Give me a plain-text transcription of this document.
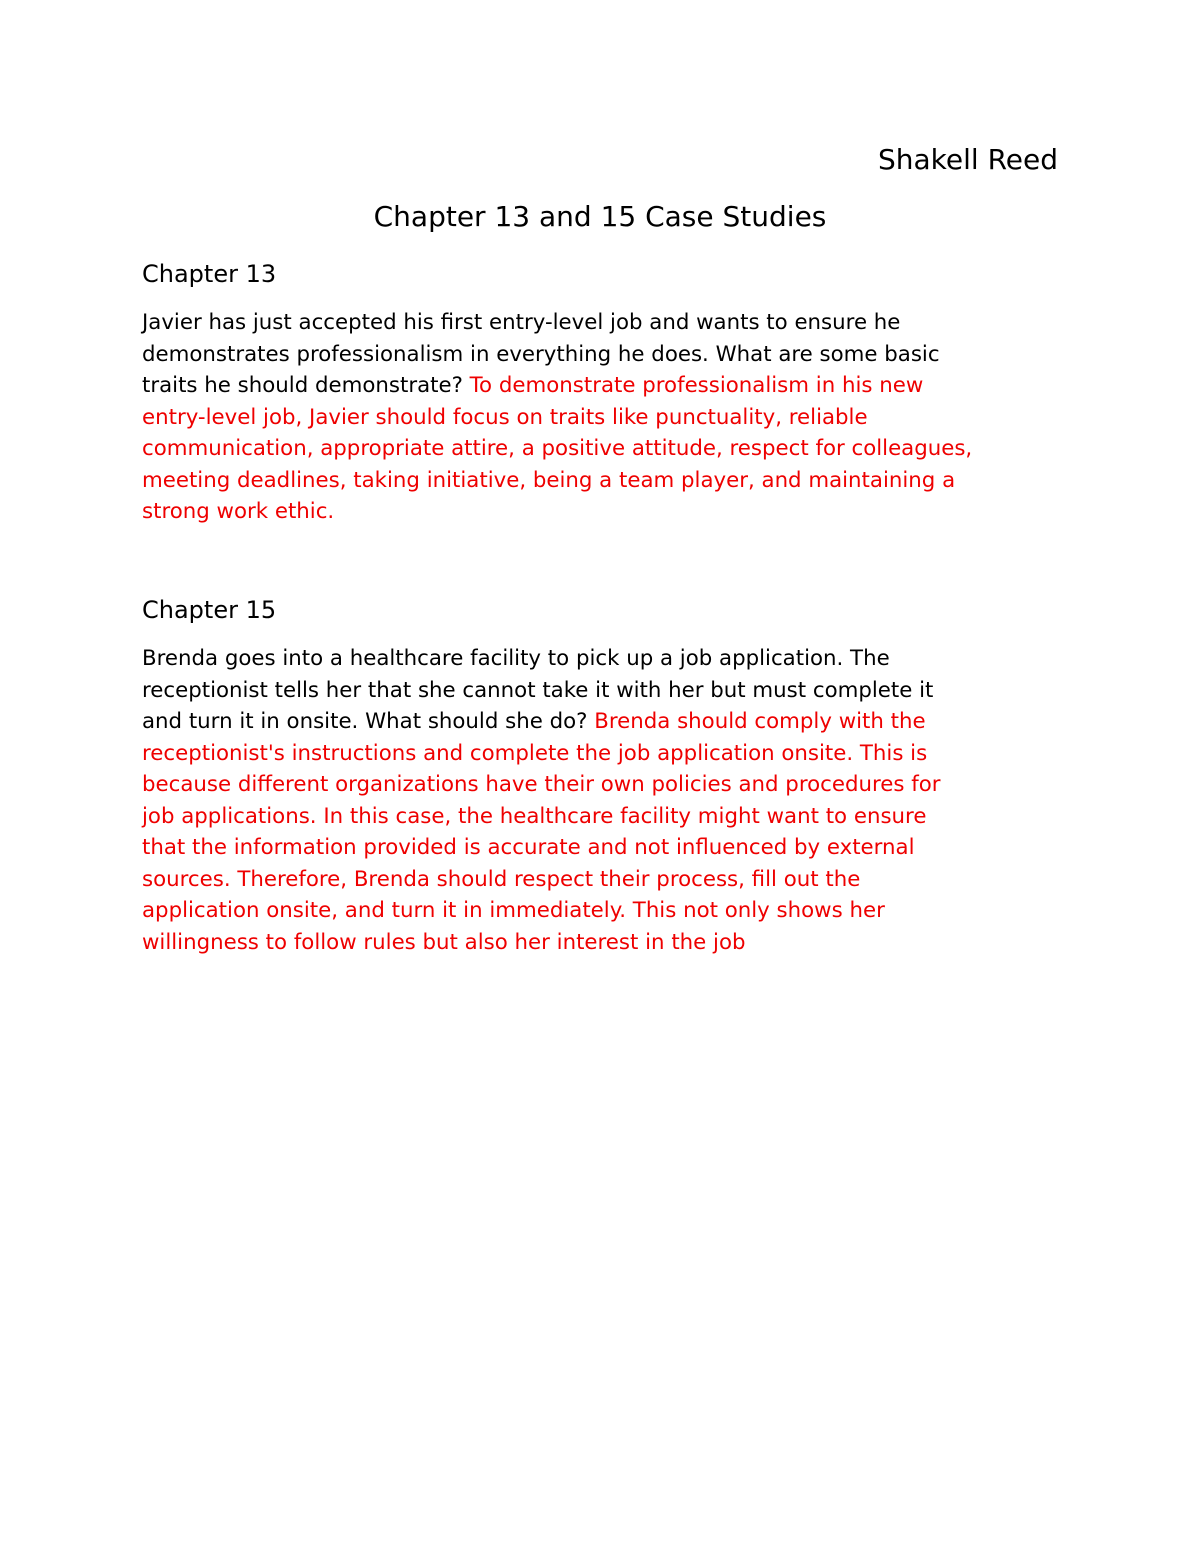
Shakell Reed

Chapter 13 and 15 Case Studies
Chapter 13

Javier has just accepted his first entry-level job and wants to ensure he
demonstrates professionalism in everything he does. What are some basic
traits he should demonstrate? To demonstrate professionalism in his new
entry-level job, Javier should focus on traits like punctuality, reliable
communication, appropriate attire, a positive attitude, respect for colleagues,
meeting deadlines, taking initiative, being a team player, and maintaining a
strong work ethic.

Chapter 15

Brenda goes into a healthcare facility to pick up a job application. The
receptionist tells her that she cannot take it with her but must complete it
and turn it in onsite. What should she do? Brenda should comply with the
receptionist's instructions and complete the job application onsite. This is
because different organizations have their own policies and procedures for
job applications. In this case, the healthcare facility might want to ensure
that the information provided is accurate and not influenced by external
sources. Therefore, Brenda should respect their process, fill out the
application onsite, and turn it in immediately. This not only shows her
willingness to follow rules but also her interest in the job
